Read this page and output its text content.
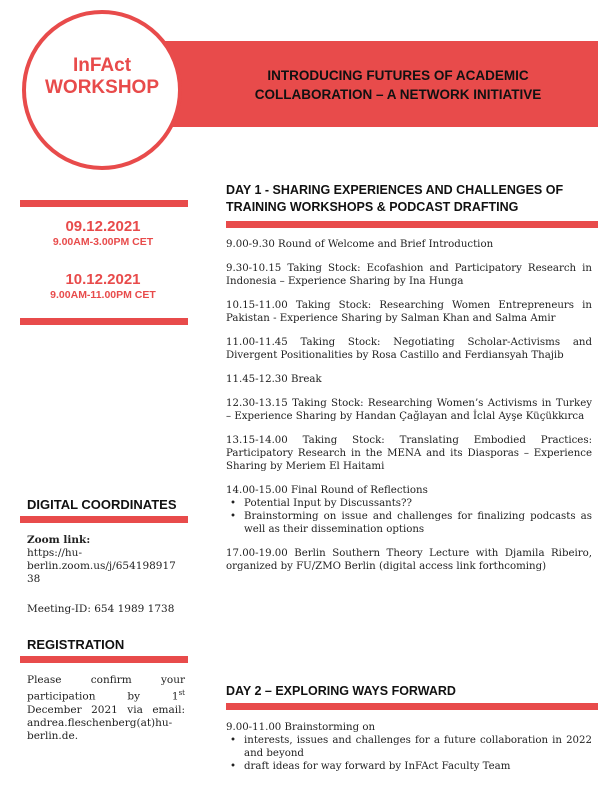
INTRODUCING FUTURES OF ACADEMIC
COLLABORATION – A NETWORK INITIATIVE
InFAct
WORKSHOP
09.12.2021
9.00AM-3.00PM CET
10.12.2021
9.00AM-11.00PM CET
DIGITAL COORDINATES
Zoom link:
https://hu-
berlin.zoom.us/j/654198917
38
Meeting-ID: 654 1989 1738
REGISTRATION
Please confirm your participation by 1st December 2021 via email: andrea.fleschenberg(at)hu-berlin.de.
DAY 1 - SHARING EXPERIENCES AND CHALLENGES OF
TRAINING WORKSHOPS & PODCAST DRAFTING

9.00-9.30 Round of Welcome and Brief Introduction

9.30-10.15 Taking Stock: Ecofashion and Participatory Research in Indonesia – Experience Sharing by Ina Hunga

10.15-11.00 Taking Stock: Researching Women Entrepreneurs in Pakistan - Experience Sharing by Salman Khan and Salma Amir

11.00-11.45 Taking Stock: Negotiating Scholar-Activisms and Divergent Positionalities by Rosa Castillo and Ferdiansyah Thajib

11.45-12.30 Break

12.30-13.15 Taking Stock: Researching Women’s Activisms in Turkey – Experience Sharing by Handan Çağlayan and İclal Ayşe Küçükkırca

13.15-14.00 Taking Stock: Translating Embodied Practices: Participatory Research in the MENA and its Diasporas – Experience Sharing by Meriem El Haitami

14.00-15.00 Final Round of Reflections
• Potential Input by Discussants??
• Brainstorming on issue and challenges for finalizing podcasts as well as their dissemination options

17.00-19.00 Berlin Southern Theory Lecture with Djamila Ribeiro, organized by FU/ZMO Berlin (digital access link forthcoming)

DAY 2 – EXPLORING WAYS FORWARD
9.00-11.00 Brainstorming on
• interests, issues and challenges for a future collaboration in 2022 and beyond
• draft ideas for way forward by InFAct Faculty Team
